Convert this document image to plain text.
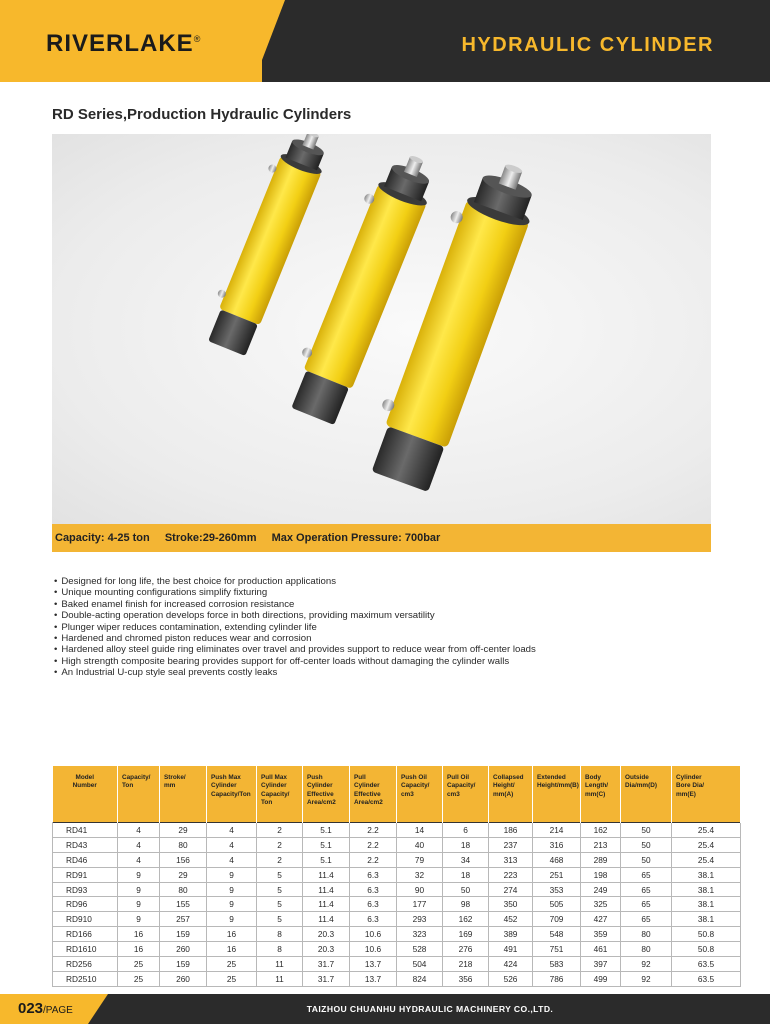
RIVERLAKE®	HYDRAULIC CYLINDER
RD Series,Production Hydraulic Cylinders
Capacity: 4-25 ton Stroke:29-260mm Max Operation Pressure: 700bar
• Designed for long life, the best choice for production applications
• Unique mounting configurations simplify fixturing
• Baked enamel finish for increased corrosion resistance
• Double-acting operation develops force in both directions, providing maximum versatility
• Plunger wiper reduces contamination, extending cylinder life
• Hardened and chromed piston reduces wear and corrosion
• Hardened alloy steel guide ring eliminates over travel and provides support to reduce wear from off-center loads
• High strength composite bearing provides support for off-center loads without damaging the cylinder walls
• An Industrial U-cup style seal prevents costly leaks
Model
Number	Capacity/
Ton	Stroke/
mm	Push Max
Cylinder
Capacity/Ton	Pull Max
Cylinder
Capacity/
Ton	Push
Cylinder
Effective
Area/cm2	Pull
Cylinder
Effective
Area/cm2	Push Oil
Capacity/
cm3	Pull Oil
Capacity/
cm3	Collapsed
Height/
mm(A)	Extended
Height/mm(B)	Body
Length/
mm(C)	Outside
Dia/mm(D)	Cylinder
Bore Dia/
mm(E)
RD41	4	29	4	2	5.1	2.2	14	6	186	214	162	50	25.4
RD43	4	80	4	2	5.1	2.2	40	18	237	316	213	50	25.4
RD46	4	156	4	2	5.1	2.2	79	34	313	468	289	50	25.4
RD91	9	29	9	5	11.4	6.3	32	18	223	251	198	65	38.1
RD93	9	80	9	5	11.4	6.3	90	50	274	353	249	65	38.1
RD96	9	155	9	5	11.4	6.3	177	98	350	505	325	65	38.1
RD910	9	257	9	5	11.4	6.3	293	162	452	709	427	65	38.1
RD166	16	159	16	8	20.3	10.6	323	169	389	548	359	80	50.8
RD1610	16	260	16	8	20.3	10.6	528	276	491	751	461	80	50.8
RD256	25	159	25	11	31.7	13.7	504	218	424	583	397	92	63.5
RD2510	25	260	25	11	31.7	13.7	824	356	526	786	499	92	63.5
023/PAGE	TAIZHOU CHUANHU HYDRAULIC MACHINERY CO.,LTD.
